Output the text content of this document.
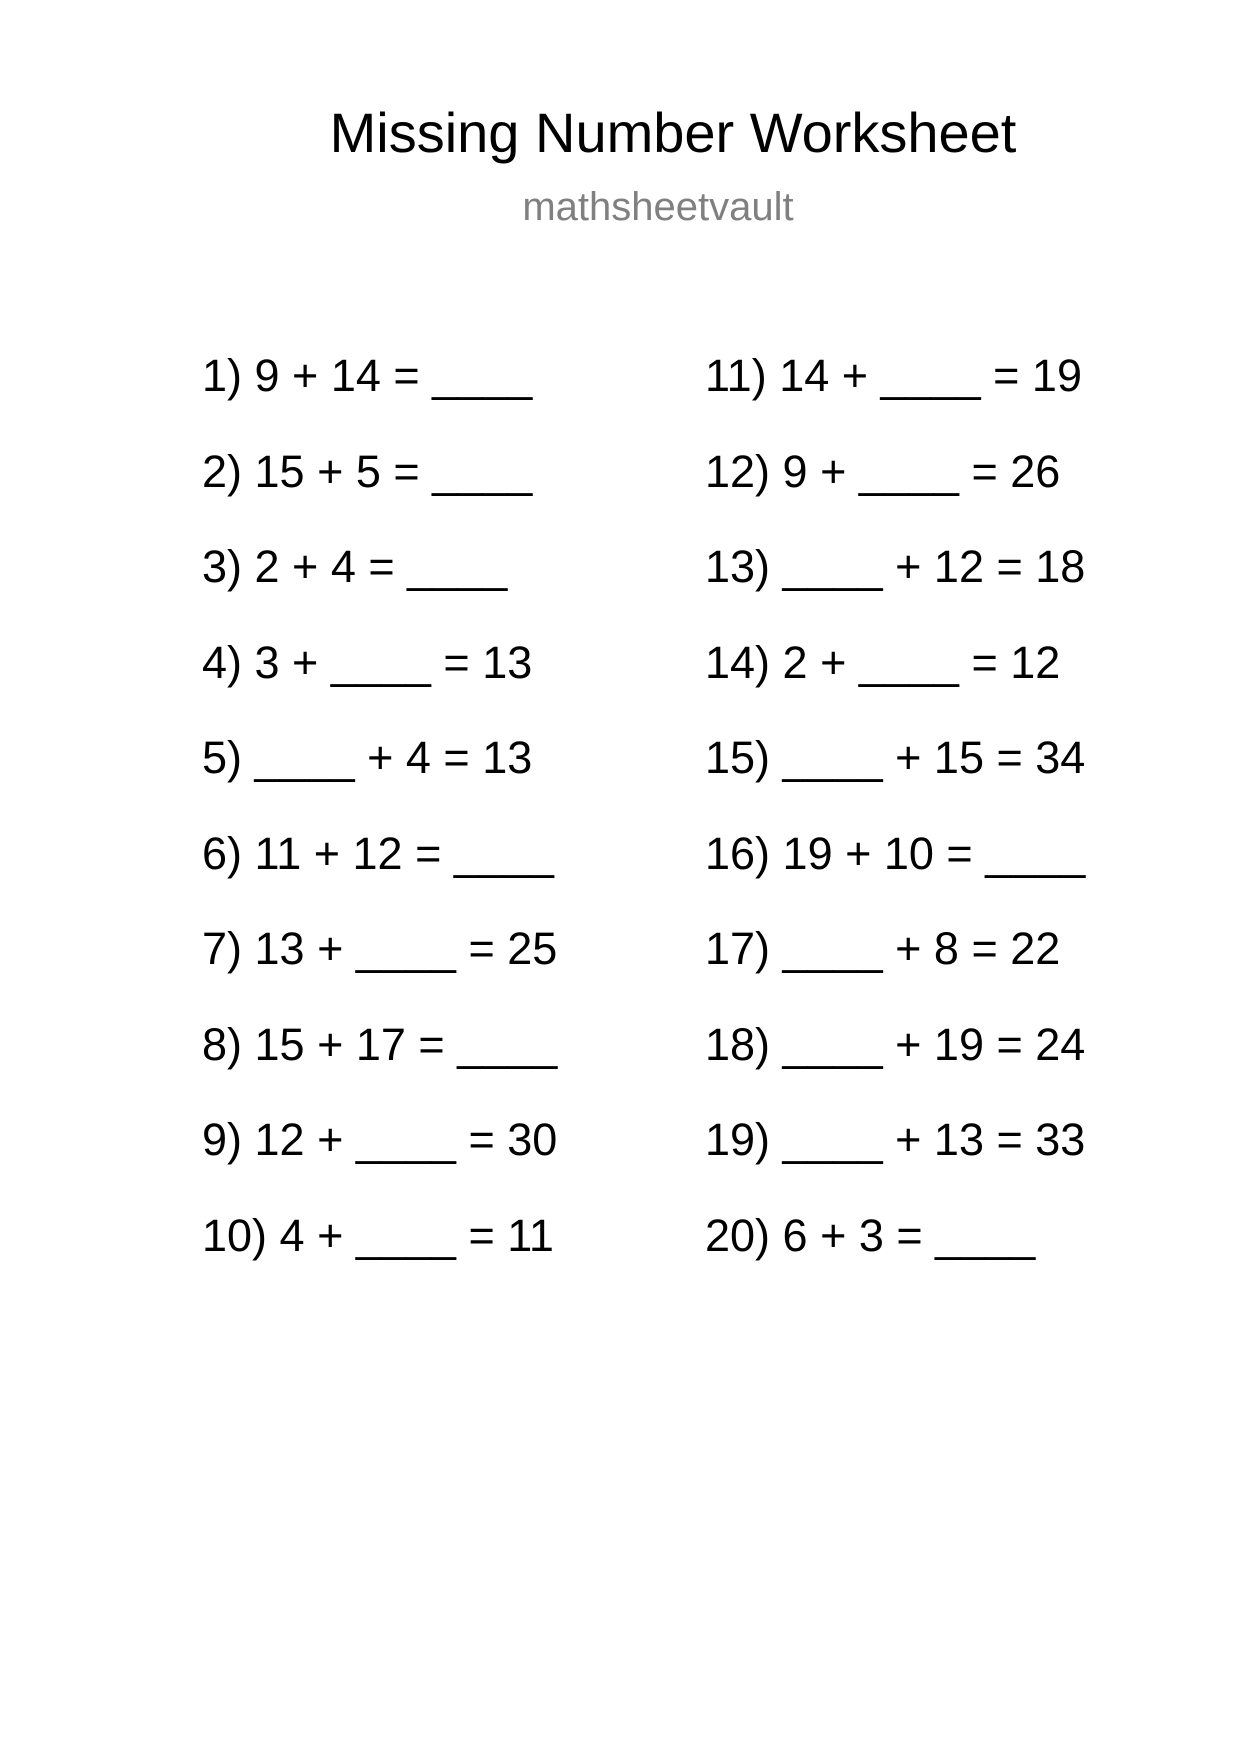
Missing Number Worksheet
mathsheetvault
1) 9 + 14 = ____
2) 15 + 5 = ____
3) 2 + 4 = ____
4) 3 + ____ = 13
5) ____ + 4 = 13
6) 11 + 12 = ____
7) 13 + ____ = 25
8) 15 + 17 = ____
9) 12 + ____ = 30
10) 4 + ____ = 11
11) 14 + ____ = 19
12) 9 + ____ = 26
13) ____ + 12 = 18
14) 2 + ____ = 12
15) ____ + 15 = 34
16) 19 + 10 = ____
17) ____ + 8 = 22
18) ____ + 19 = 24
19) ____ + 13 = 33
20) 6 + 3 = ____
